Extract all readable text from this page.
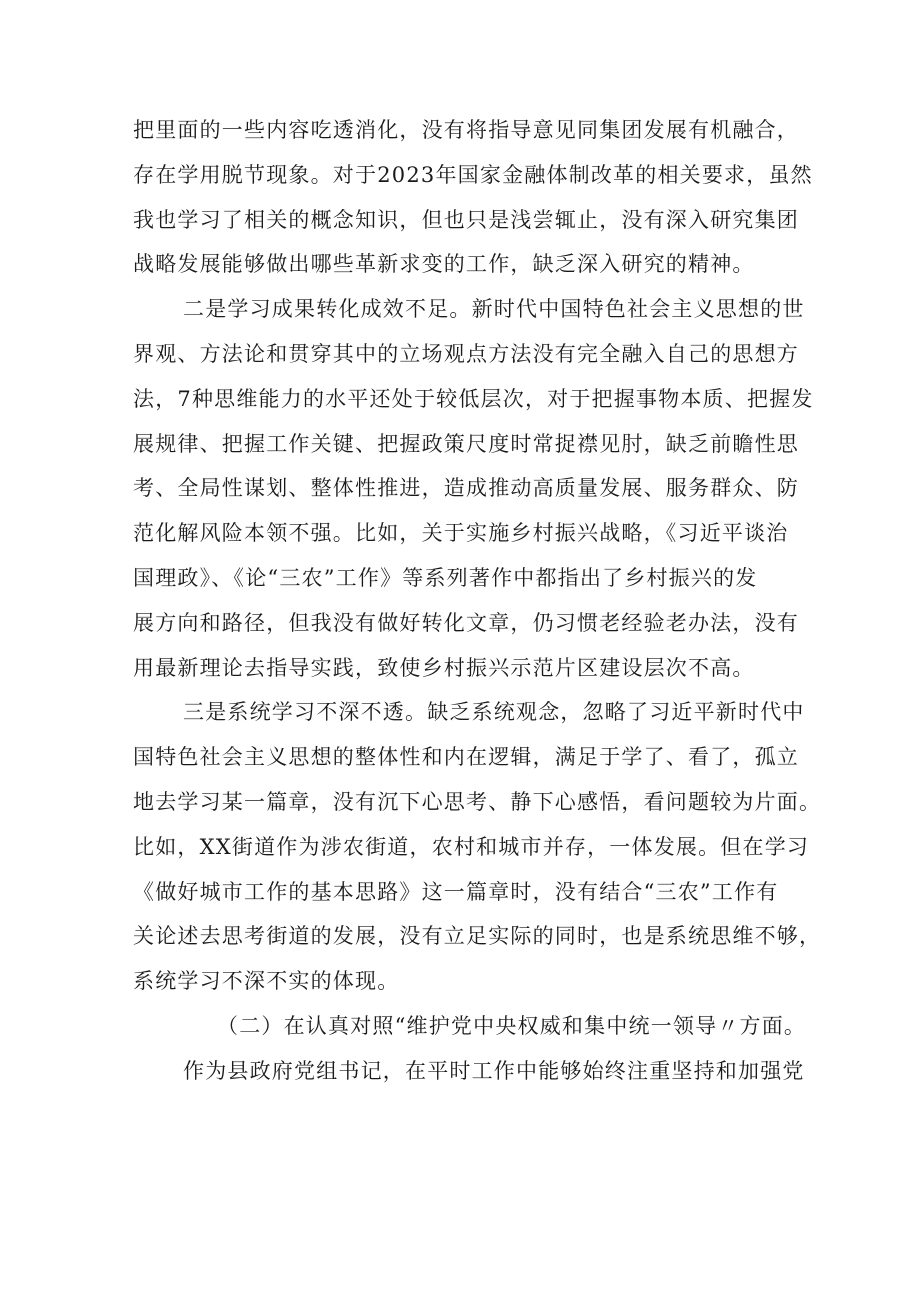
把里面的一些内容吃透消化，没有将指导意见同集团发展有机融合，
存在学用脱节现象。对于2023年国家金融体制改革的相关要求，虽然
我也学习了相关的概念知识，但也只是浅尝辄止，没有深入研究集团
战略发展能够做出哪些革新求变的工作，缺乏深入研究的精神。
二是学习成果转化成效不足。新时代中国特色社会主义思想的世
界观、方法论和贯穿其中的立场观点方法没有完全融入自己的思想方
法，7种思维能力的水平还处于较低层次，对于把握事物本质、把握发
展规律、把握工作关键、把握政策尺度时常捉襟见肘，缺乏前瞻性思
考、全局性谋划、整体性推进，造成推动高质量发展、服务群众、防
范化解风险本领不强。比如，关于实施乡村振兴战略，《习近平谈治
国理政》、《论“三农”工作》等系列著作中都指出了乡村振兴的发
展方向和路径，但我没有做好转化文章，仍习惯老经验老办法，没有
用最新理论去指导实践，致使乡村振兴示范片区建设层次不高。
三是系统学习不深不透。缺乏系统观念，忽略了习近平新时代中
国特色社会主义思想的整体性和内在逻辑，满足于学了、看了，孤立
地去学习某一篇章，没有沉下心思考、静下心感悟，看问题较为片面。
比如，XX街道作为涉农街道，农村和城市并存，一体发展。但在学习
《做好城市工作的基本思路》这一篇章时，没有结合“三农”工作有
关论述去思考街道的发展，没有立足实际的同时，也是系统思维不够，
系统学习不深不实的体现。
（二）在认真对照“维护党中央权威和集中统一领导〃方面。
作为县政府党组书记，在平时工作中能够始终注重坚持和加强党
